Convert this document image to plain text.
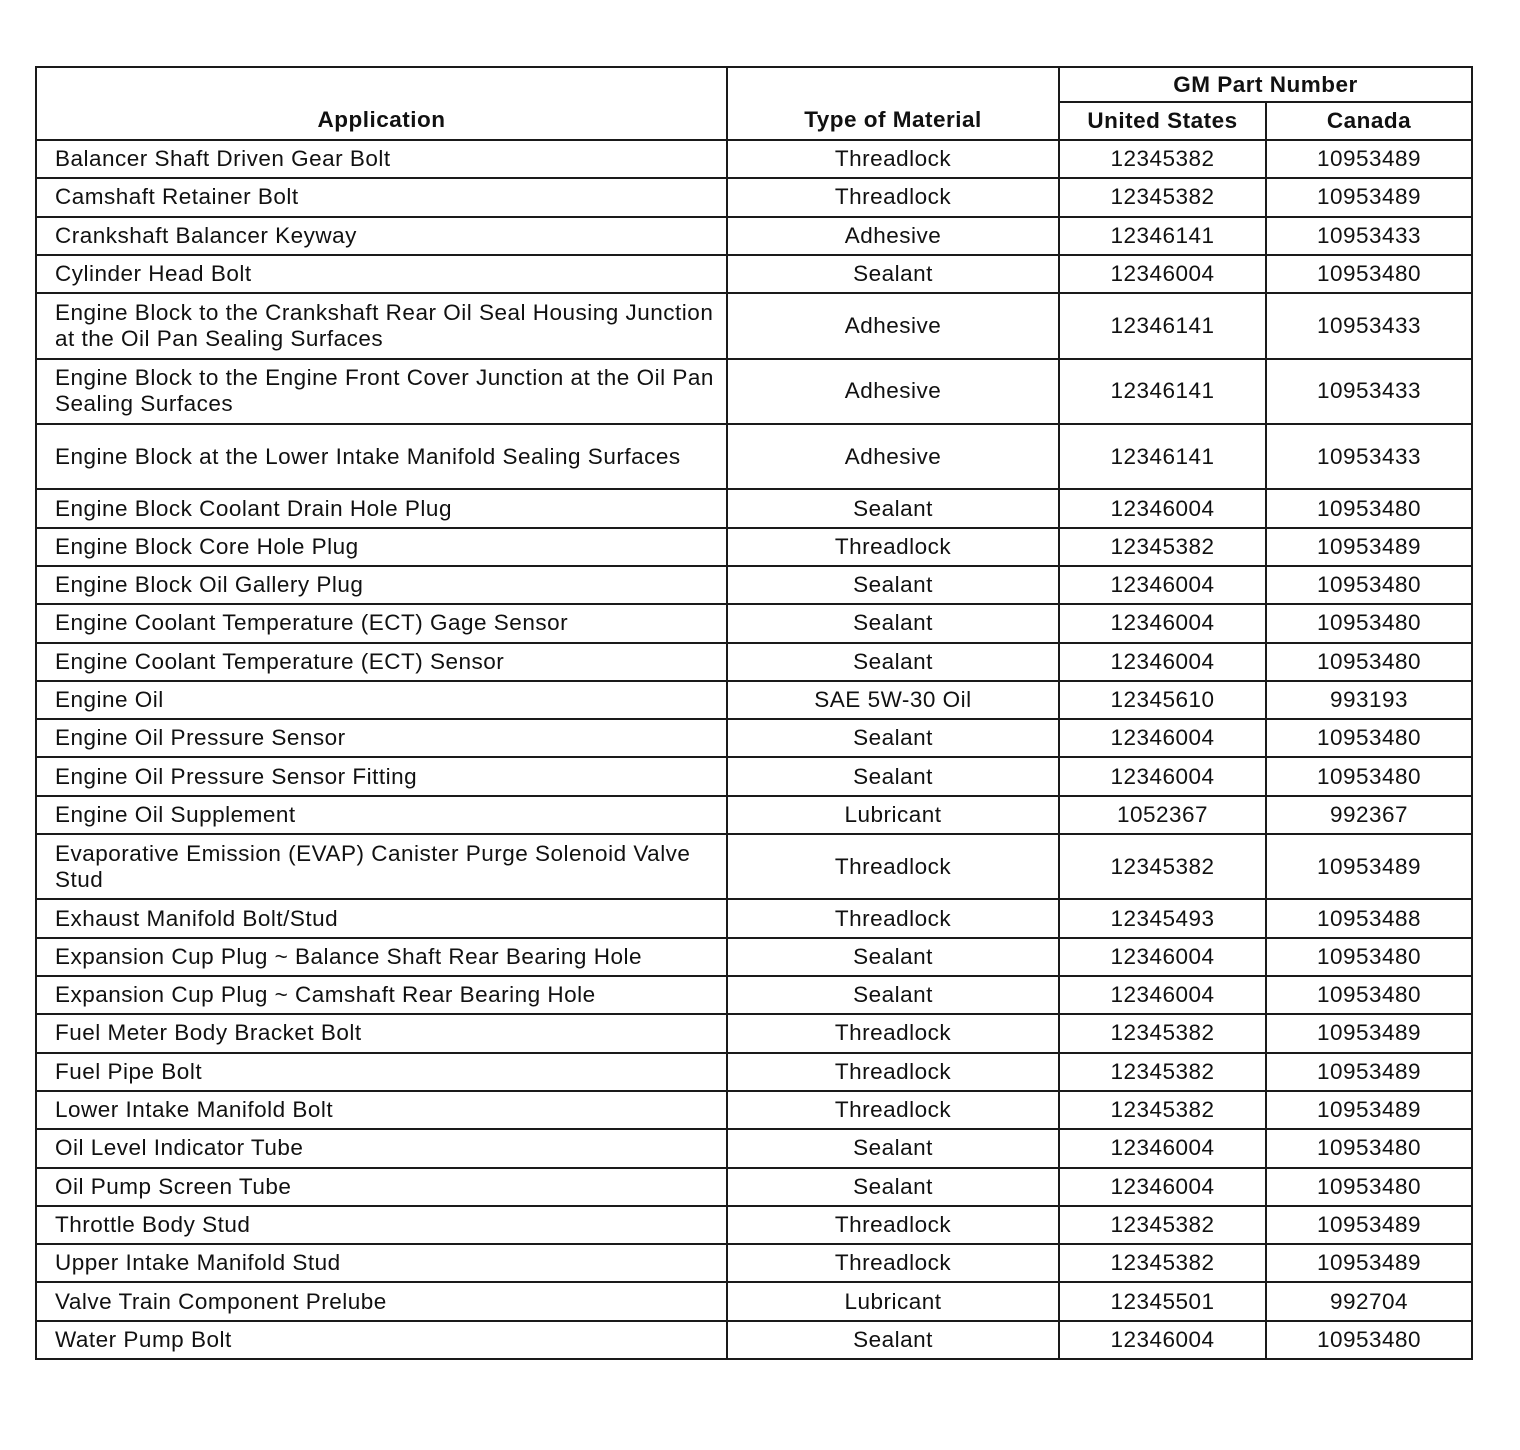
Application	Type of Material	GM Part Number	
		United States	Canada
Balancer Shaft Driven Gear Bolt	Threadlock	12345382	10953489
Camshaft Retainer Bolt	Threadlock	12345382	10953489
Crankshaft Balancer Keyway	Adhesive	12346141	10953433
Cylinder Head Bolt	Sealant	12346004	10953480
Engine Block to the Crankshaft Rear Oil Seal Housing Junction at the Oil Pan Sealing Surfaces	Adhesive	12346141	10953433
Engine Block to the Engine Front Cover Junction at the Oil Pan Sealing Surfaces	Adhesive	12346141	10953433
Engine Block at the Lower Intake Manifold Sealing Surfaces	Adhesive	12346141	10953433
Engine Block Coolant Drain Hole Plug	Sealant	12346004	10953480
Engine Block Core Hole Plug	Threadlock	12345382	10953489
Engine Block Oil Gallery Plug	Sealant	12346004	10953480
Engine Coolant Temperature (ECT) Gage Sensor	Sealant	12346004	10953480
Engine Coolant Temperature (ECT) Sensor	Sealant	12346004	10953480
Engine Oil	SAE 5W-30 Oil	12345610	993193
Engine Oil Pressure Sensor	Sealant	12346004	10953480
Engine Oil Pressure Sensor Fitting	Sealant	12346004	10953480
Engine Oil Supplement	Lubricant	1052367	992367
Evaporative Emission (EVAP) Canister Purge Solenoid Valve Stud	Threadlock	12345382	10953489
Exhaust Manifold Bolt/Stud	Threadlock	12345493	10953488
Expansion Cup Plug ~ Balance Shaft Rear Bearing Hole	Sealant	12346004	10953480
Expansion Cup Plug ~ Camshaft Rear Bearing Hole	Sealant	12346004	10953480
Fuel Meter Body Bracket Bolt	Threadlock	12345382	10953489
Fuel Pipe Bolt	Threadlock	12345382	10953489
Lower Intake Manifold Bolt	Threadlock	12345382	10953489
Oil Level Indicator Tube	Sealant	12346004	10953480
Oil Pump Screen Tube	Sealant	12346004	10953480
Throttle Body Stud	Threadlock	12345382	10953489
Upper Intake Manifold Stud	Threadlock	12345382	10953489
Valve Train Component Prelube	Lubricant	12345501	992704
Water Pump Bolt	Sealant	12346004	10953480
